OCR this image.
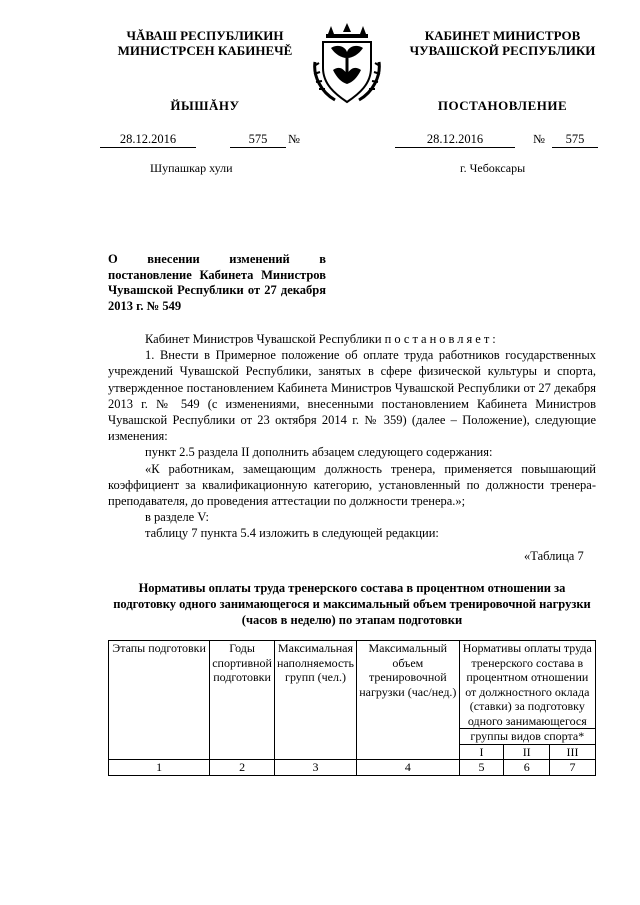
ЧĂВАШ РЕСПУБЛИКИН
МИНИСТРСЕН КАБИНЕЧĚ
ЙЫШĂНУ
КАБИНЕТ МИНИСТРОВ
ЧУВАШСКОЙ РЕСПУБЛИКИ
ПОСТАНОВЛЕНИЕ
28.12.2016	575	№	28.12.2016	№	575
Шупашкар хули	г. Чебоксары
О внесении изменений в постановление Кабинета Министров Чувашской Республики от 27 декабря 2013 г. № 549

Кабинет Министров Чувашской Республики постановляет:

1. Внести в Примерное положение об оплате труда работников государственных учреждений Чувашской Республики, занятых в сфере физической культуры и спорта, утвержденное постановлением Кабинета Министров Чувашской Республики от 27 декабря 2013 г. № 549 (с изменениями, внесенными постановлением Кабинета Министров Чувашской Республики от 23 октября 2014 г. № 359) (далее – Положение), следующие изменения:

пункт 2.5 раздела II дополнить абзацем следующего содержания:

«К работникам, замещающим должность тренера, применяется повышающий коэффициент за квалификационную категорию, установленный по должности тренера-преподавателя, до проведения аттестации по должности тренера.»;

в разделе V:

таблицу 7 пункта 5.4 изложить в следующей редакции:

«Таблица 7
Нормативы оплаты труда тренерского состава в процентном отношении за подготовку одного занимающегося и максимальный объем тренировочной нагрузки (часов в неделю) по этапам подготовки
Этапы подготовки	Годы спортивной подготовки	Максимальная наполняемость групп (чел.)	Максимальный объем тренировочной нагрузки (час/нед.)	Нормативы оплаты труда тренерского состава в процентном отношении от должностного оклада (ставки) за подготовку одного занимающегося		
				группы видов спорта*		
				I	II	III
1	2	3	4	5	6	7
